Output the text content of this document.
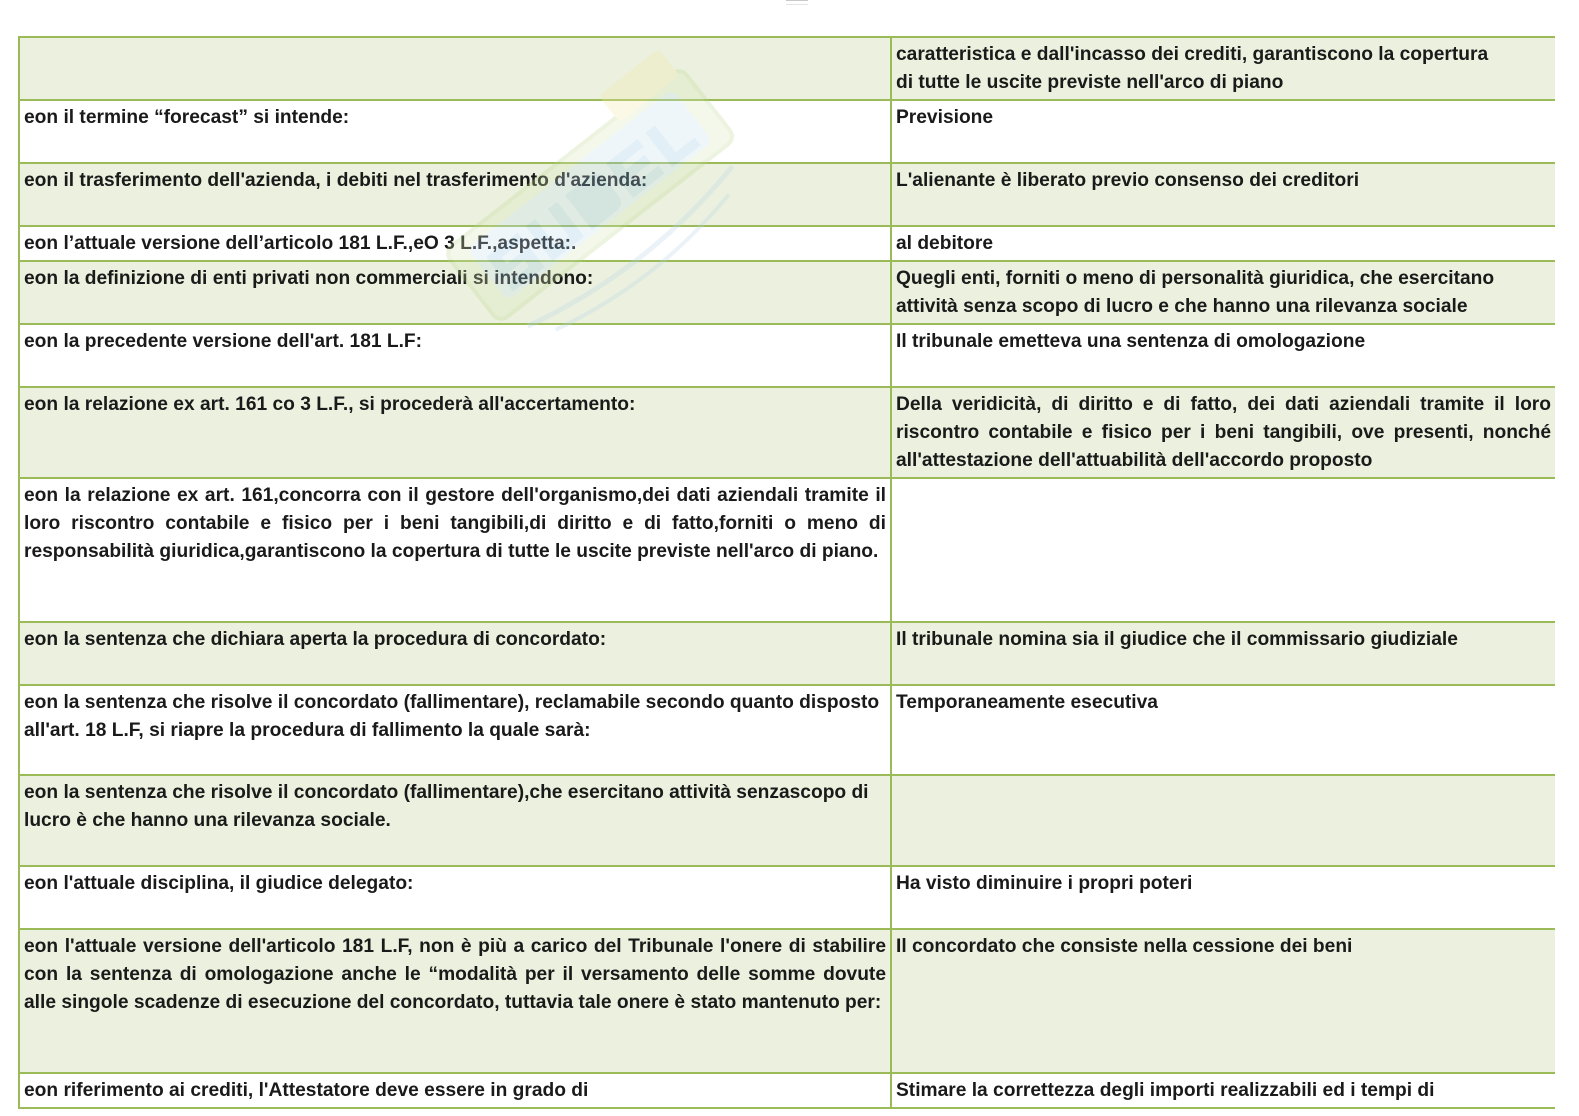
	caratteristica e dall'incasso dei crediti, garantiscono la copertura
di tutte le uscite previste nell'arco di piano
eon il termine “forecast” si intende:	Previsione
eon il trasferimento dell'azienda, i debiti nel trasferimento d'azienda:	L'alienante è liberato previo consenso dei creditori
eon l’attuale versione dell’articolo 181 L.F.,eO 3 L.F.,aspetta:.	al debitore
eon la definizione di enti privati non commerciali si intendono:	Quegli enti, forniti o meno di personalità giuridica, che esercitano attività senza scopo di lucro e che hanno una rilevanza sociale
eon la precedente versione dell'art. 181 L.F:	Il tribunale emetteva una sentenza di omologazione
eon la relazione ex art. 161 co 3 L.F., si procederà all'accertamento:	Della veridicità, di diritto e di fatto, dei dati aziendali tramite il loro riscontro contabile e fisico per i beni tangibili, ove presenti, nonché all'attestazione dell'attuabilità dell'accordo proposto
eon la relazione ex art. 161,concorra con il gestore dell'organismo,dei dati aziendali tramite il loro riscontro contabile e fisico per i beni tangibili,di diritto e di fatto,forniti o meno di responsabilità giuridica,garantiscono la copertura di tutte le uscite previste nell'arco di piano.	
eon la sentenza che dichiara aperta la procedura di concordato:	Il tribunale nomina sia il giudice che il commissario giudiziale
eon la sentenza che risolve il concordato (fallimentare), reclamabile secondo quanto disposto all'art. 18 L.F, si riapre la procedura di fallimento la quale sarà:	Temporaneamente esecutiva
eon la sentenza che risolve il concordato (fallimentare),che esercitano attività senzascopo di lucro è che hanno una rilevanza sociale.	
eon l'attuale disciplina, il giudice delegato:	Ha visto diminuire i propri poteri
eon l'attuale versione dell'articolo 181 L.F, non è più a carico del Tribunale l'onere di stabilire con la sentenza di omologazione anche le “modalità per il versamento delle somme dovute alle singole scadenze di esecuzione del concordato, tuttavia tale onere è stato mantenuto per:	Il concordato che consiste nella cessione dei beni
eon riferimento ai crediti, l'Attestatore deve essere in grado di	Stimare la correttezza degli importi realizzabili ed i tempi di
